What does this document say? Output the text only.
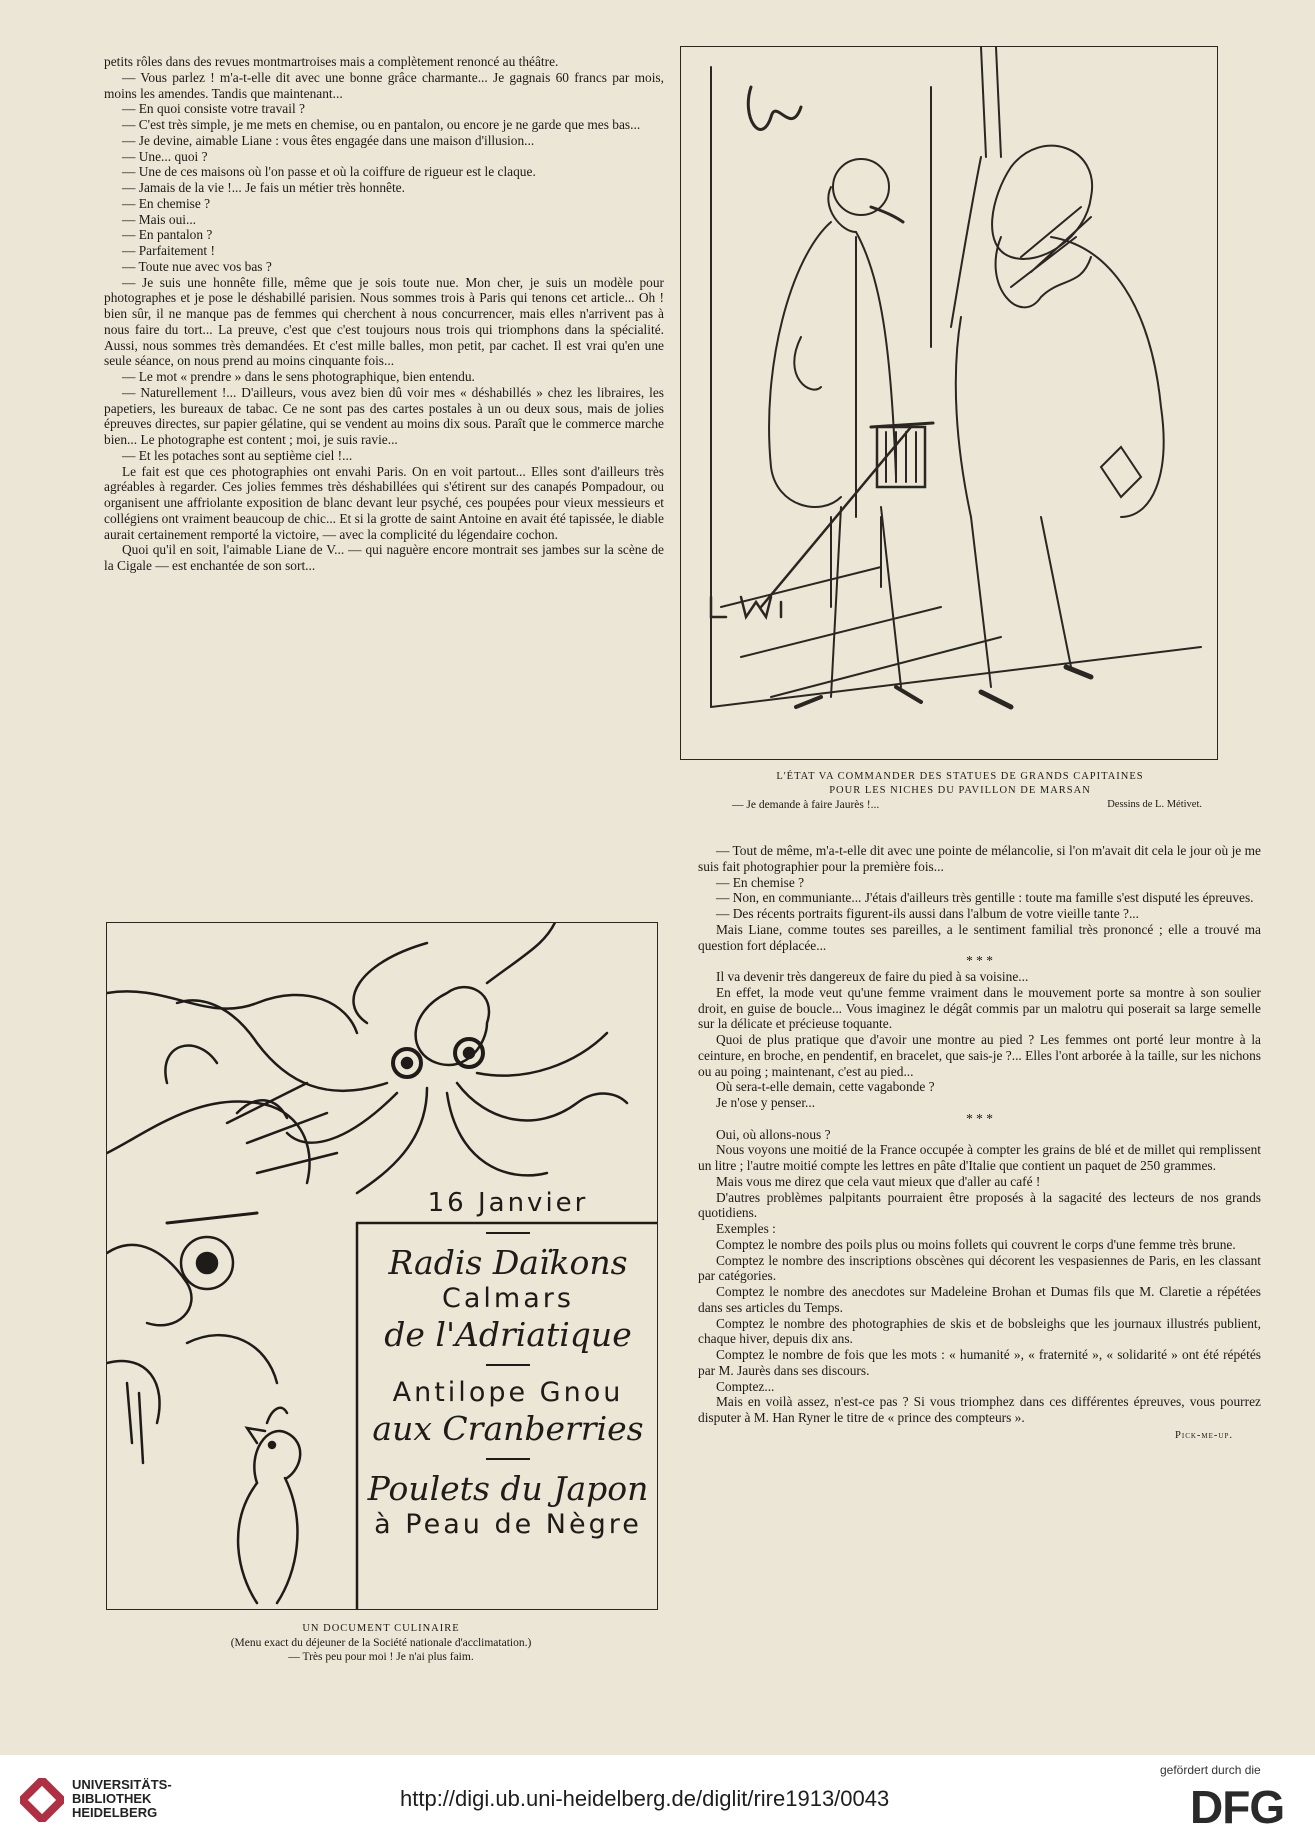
petits rôles dans des revues montmartroises mais a complètement renoncé au théâtre.

— Vous parlez ! m'a-t-elle dit avec une bonne grâce charmante... Je gagnais 60 francs par mois, moins les amendes. Tandis que maintenant...

— En quoi consiste votre travail ?

— C'est très simple, je me mets en chemise, ou en pantalon, ou encore je ne garde que mes bas...

— Je devine, aimable Liane : vous êtes engagée dans une maison d'illusion...

— Une... quoi ?

— Une de ces maisons où l'on passe et où la coiffure de rigueur est le claque.

— Jamais de la vie !... Je fais un métier très honnête.

— En chemise ?

— Mais oui...

— En pantalon ?

— Parfaitement !

— Toute nue avec vos bas ?

— Je suis une honnête fille, même que je sois toute nue. Mon cher, je suis un modèle pour photographes et je pose le déshabillé parisien. Nous sommes trois à Paris qui tenons cet article... Oh ! bien sûr, il ne manque pas de femmes qui cherchent à nous concurrencer, mais elles n'arrivent pas à nous faire du tort... La preuve, c'est que c'est toujours nous trois qui triomphons dans la spécialité. Aussi, nous sommes très demandées. Et c'est mille balles, mon petit, par cachet. Il est vrai qu'en une seule séance, on nous prend au moins cinquante fois...

— Le mot « prendre » dans le sens photographique, bien entendu.

— Naturellement !... D'ailleurs, vous avez bien dû voir mes « déshabillés » chez les libraires, les papetiers, les bureaux de tabac. Ce ne sont pas des cartes postales à un ou deux sous, mais de jolies épreuves directes, sur papier gélatine, qui se vendent au moins dix sous. Paraît que le commerce marche bien... Le photographe est content ; moi, je suis ravie...

— Et les potaches sont au septième ciel !...

Le fait est que ces photographies ont envahi Paris. On en voit partout... Elles sont d'ailleurs très agréables à regarder. Ces jolies femmes très déshabillées qui s'étirent sur des canapés Pompadour, ou organisent une affriolante exposition de blanc devant leur psyché, ces poupées pour vieux messieurs et collégiens ont vraiment beaucoup de chic... Et si la grotte de saint Antoine en avait été tapissée, le diable aurait certainement remporté la victoire, — avec la complicité du légendaire cochon.

Quoi qu'il en soit, l'aimable Liane de V... — qui naguère encore montrait ses jambes sur la scène de la Cigale — est enchantée de son sort...

L'ÉTAT VA COMMANDER DES STATUES DE GRANDS CAPITAINES
POUR LES NICHES DU PAVILLON DE MARSAN
— Je demande à faire Jaurès !...	Dessins de L. Métivet.

— Tout de même, m'a-t-elle dit avec une pointe de mélancolie, si l'on m'avait dit cela le jour où je me suis fait photographier pour la première fois...

— En chemise ?

— Non, en communiante... J'étais d'ailleurs très gentille : toute ma famille s'est disputé les épreuves.

— Des récents portraits figurent-ils aussi dans l'album de votre vieille tante ?...

Mais Liane, comme toutes ses pareilles, a le sentiment familial très prononcé ; elle a trouvé ma question fort déplacée...

* * *

Il va devenir très dangereux de faire du pied à sa voisine...

En effet, la mode veut qu'une femme vraiment dans le mouvement porte sa montre à son soulier droit, en guise de boucle... Vous imaginez le dégât commis par un malotru qui poserait sa large semelle sur la délicate et précieuse toquante.

Quoi de plus pratique que d'avoir une montre au pied ? Les femmes ont porté leur montre à la ceinture, en broche, en pendentif, en bracelet, que sais-je ?... Elles l'ont arborée à la taille, sur les nichons ou au poing ; maintenant, c'est au pied...

Où sera-t-elle demain, cette vagabonde ?

Je n'ose y penser...

* * *

Oui, où allons-nous ?

Nous voyons une moitié de la France occupée à compter les grains de blé et de millet qui remplissent un litre ; l'autre moitié compte les lettres en pâte d'Italie que contient un paquet de 250 grammes.

Mais vous me direz que cela vaut mieux que d'aller au café !

D'autres problèmes palpitants pourraient être proposés à la sagacité des lecteurs de nos grands quotidiens.

Exemples :

Comptez le nombre des poils plus ou moins follets qui couvrent le corps d'une femme très brune.

Comptez le nombre des inscriptions obscènes qui décorent les vespasiennes de Paris, en les classant par catégories.

Comptez le nombre des anecdotes sur Madeleine Brohan et Dumas fils que M. Claretie a répétées dans ses articles du Temps.

Comptez le nombre des photographies de skis et de bobsleighs que les journaux illustrés publient, chaque hiver, depuis dix ans.

Comptez le nombre de fois que les mots : « humanité », « fraternité », « solidarité » ont été répétés par M. Jaurès dans ses discours.

Comptez...

Mais en voilà assez, n'est-ce pas ? Si vous triomphez dans ces différentes épreuves, vous pourrez disputer à M. Han Ryner le titre de « prince des compteurs ».

Pick-me-up.

16 Janvier
Radis Daïkons
Calmars
de l'Adriatique
Antilope Gnou
aux Cranberries
Poulets du Japon
à Peau de Nègre
UN DOCUMENT CULINAIRE
(Menu exact du déjeuner de la Société nationale d'acclimatation.)
— Très peu pour moi ! Je n'ai plus faim.
UNIVERSITÄTS-
BIBLIOTHEK
HEIDELBERG
http://digi.ub.uni-heidelberg.de/diglit/rire1913/0043
gefördert durch die
DFG
